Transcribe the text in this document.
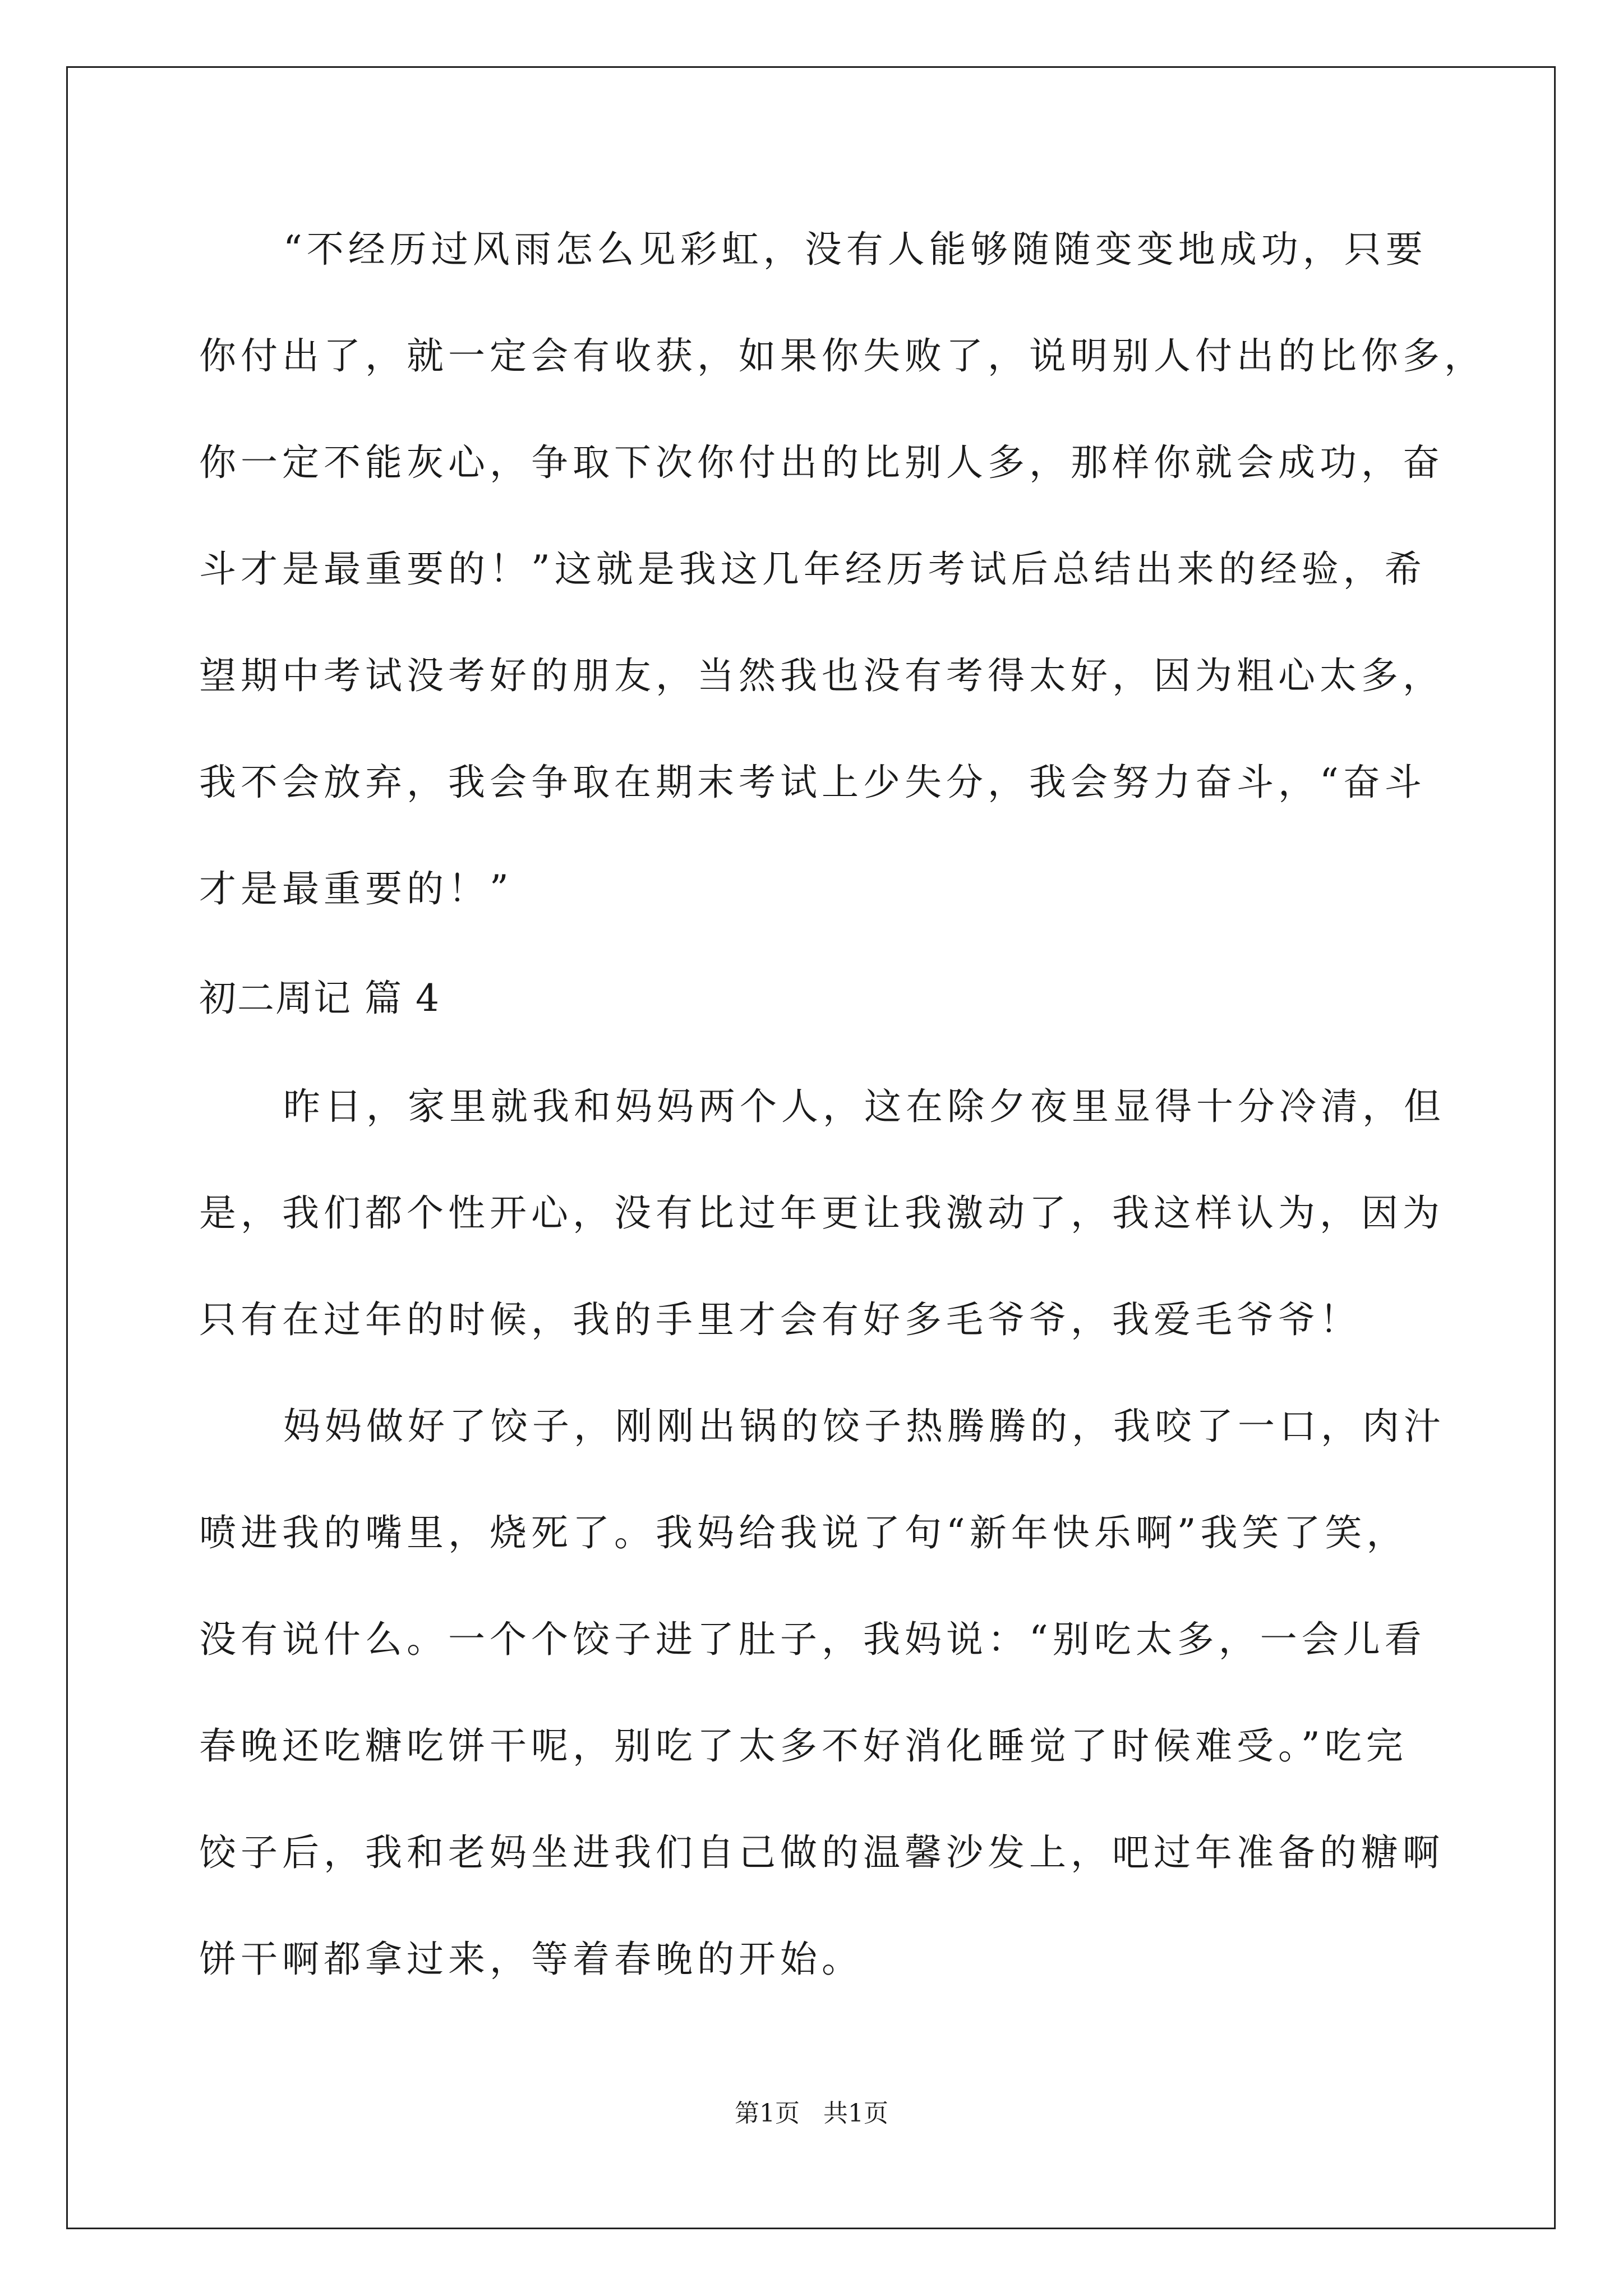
“不经历过风雨怎么见彩虹，没有人能够随随变变地成功，只要
你付出了，就一定会有收获，如果你失败了，说明别人付出的比你多，
你一定不能灰心，争取下次你付出的比别人多，那样你就会成功，奋
斗才是最重要的！”这就是我这几年经历考试后总结出来的经验，希
望期中考试没考好的朋友，当然我也没有考得太好，因为粗心太多，
我不会放弃，我会争取在期末考试上少失分，我会努力奋斗，“奋斗
才是最重要的！”
初二周记 篇 4
昨日，家里就我和妈妈两个人，这在除夕夜里显得十分冷清，但
是，我们都个性开心，没有比过年更让我激动了，我这样认为，因为
只有在过年的时候，我的手里才会有好多毛爷爷，我爱毛爷爷！
妈妈做好了饺子，刚刚出锅的饺子热腾腾的，我咬了一口，肉汁
喷进我的嘴里，烧死了。我妈给我说了句“新年快乐啊”我笑了笑，
没有说什么。一个个饺子进了肚子，我妈说：“别吃太多，一会儿看
春晚还吃糖吃饼干呢，别吃了太多不好消化睡觉了时候难受。”吃完
饺子后，我和老妈坐进我们自己做的温馨沙发上，吧过年准备的糖啊
饼干啊都拿过来，等着春晚的开始。
第1页 共1页
